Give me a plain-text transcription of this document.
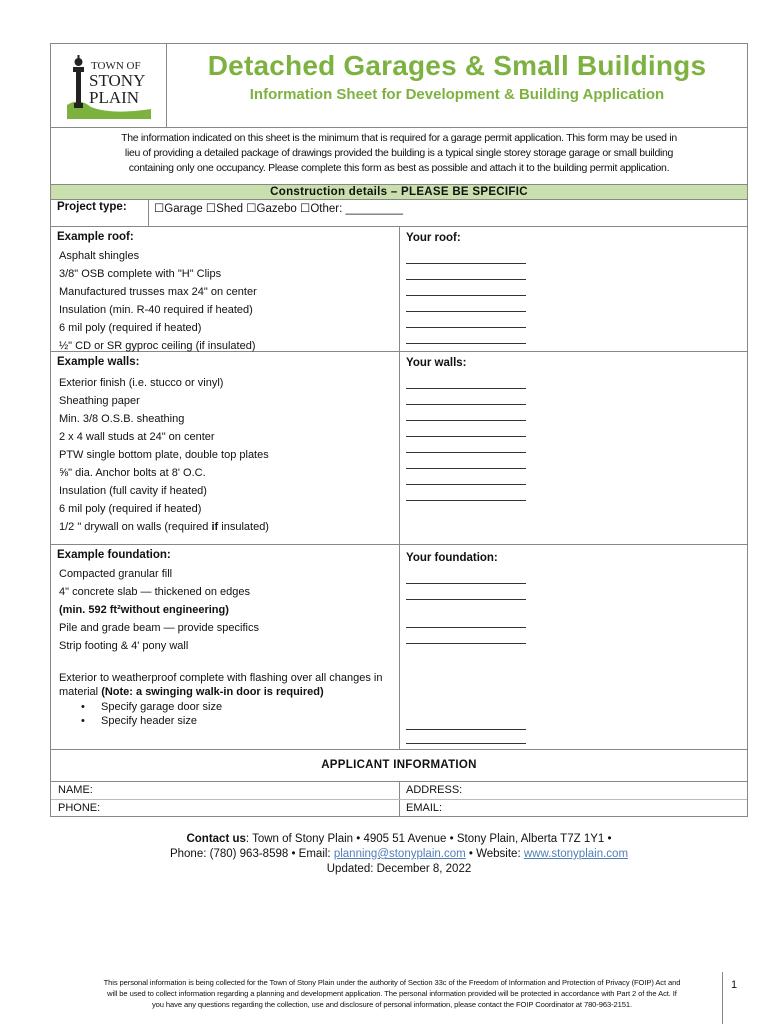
TOWN OF
STONY
PLAIN
Detached Garages & Small Buildings
Information Sheet for Development & Building Application
The information indicated on this sheet is the minimum that is required for a garage permit application. This form may be used in
lieu of providing a detailed package of drawings provided the building is a typical single storey storage garage or small building
containing only one occupancy. Please complete this form as best as possible and attach it to the building permit application.
Construction details – PLEASE BE SPECIFIC
Project type:	☐Garage ☐Shed ☐Gazebo ☐Other: _________
Example roof:
Asphalt shingles
3/8" OSB complete with "H" Clips
Manufactured trusses max 24" on center
Insulation (min. R-40 required if heated)
6 mil poly (required if heated)
½" CD or SR gyproc ceiling (if insulated)
Your roof:
Example walls:
Exterior finish (i.e. stucco or vinyl)
Sheathing paper
Min. 3/8 O.S.B. sheathing
2 x 4 wall studs at 24" on center
PTW single bottom plate, double top plates
⅝" dia. Anchor bolts at 8' O.C.
Insulation (full cavity if heated)
6 mil poly (required if heated)
1/2 " drywall on walls (required if insulated)
Your walls:
Example foundation:
Compacted granular fill
4" concrete slab — thickened on edges
(min. 592 ft²without engineering)
Pile and grade beam — provide specifics
Strip footing & 4' pony wall
Exterior to weatherproof complete with flashing over all changes in material (Note: a swinging walk-in door is required)
• Specify garage door size
• Specify header size
Your foundation:
APPLICANT INFORMATION
NAME:	ADDRESS:
PHONE:	EMAIL:
Contact us: Town of Stony Plain • 4905 51 Avenue • Stony Plain, Alberta T7Z 1Y1 •
Phone: (780) 963-8598 • Email: planning@stonyplain.com • Website: www.stonyplain.com
Updated: December 8, 2022
This personal information is being collected for the Town of Stony Plain under the authority of Section 33c of the Freedom of Information and Protection of Privacy (FOIP) Act and
will be used to collect information regarding a planning and development application. The personal information provided will be protected in accordance with Part 2 of the Act. If
you have any questions regarding the collection, use and disclosure of personal information, please contact the FOIP Coordinator at 780-963-2151.
1
